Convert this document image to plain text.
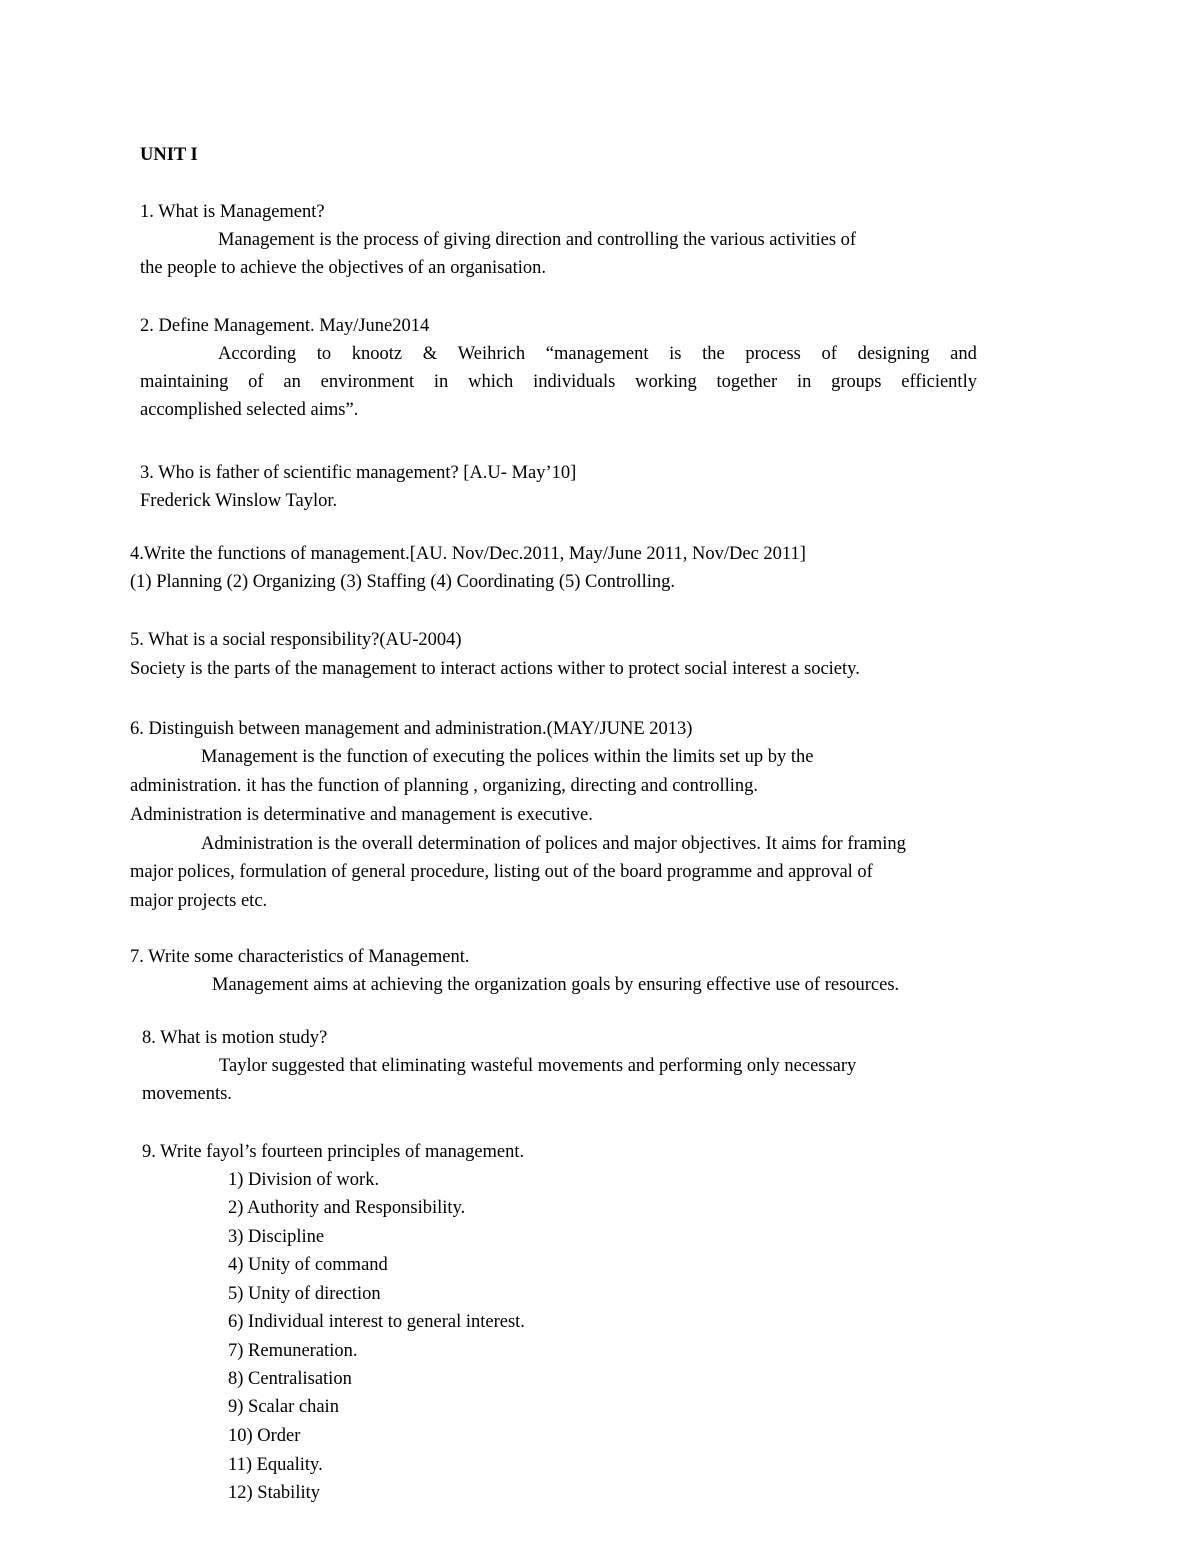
UNIT I
1. What is Management?
Management is the process of giving direction and controlling the various activities of
the people to achieve the objectives of an organisation.
2. Define Management. May/June2014
According to knootz & Weihrich “management is the process of designing and
maintaining of an environment in which individuals working together in groups efficiently
accomplished selected aims”.
3. Who is father of scientific management? [A.U- May’10]
Frederick Winslow Taylor.
4.Write the functions of management.[AU. Nov/Dec.2011, May/June 2011, Nov/Dec 2011]
(1) Planning (2) Organizing (3) Staffing (4) Coordinating (5) Controlling.
5. What is a social responsibility?(AU-2004)
Society is the parts of the management to interact actions wither to protect social interest a society.
6. Distinguish between management and administration.(MAY/JUNE 2013)
Management is the function of executing the polices within the limits set up by the
administration. it has the function of planning , organizing, directing and controlling.
Administration is determinative and management is executive.
Administration is the overall determination of polices and major objectives. It aims for framing
major polices, formulation of general procedure, listing out of the board programme and approval of
major projects etc.
7. Write some characteristics of Management.
Management aims at achieving the organization goals by ensuring effective use of resources.
8. What is motion study?
Taylor suggested that eliminating wasteful movements and performing only necessary
movements.
9. Write fayol’s fourteen principles of management.
1) Division of work.
2) Authority and Responsibility.
3) Discipline
4) Unity of command
5) Unity of direction
6) Individual interest to general interest.
7) Remuneration.
8) Centralisation
9) Scalar chain
10) Order
11) Equality.
12) Stability
